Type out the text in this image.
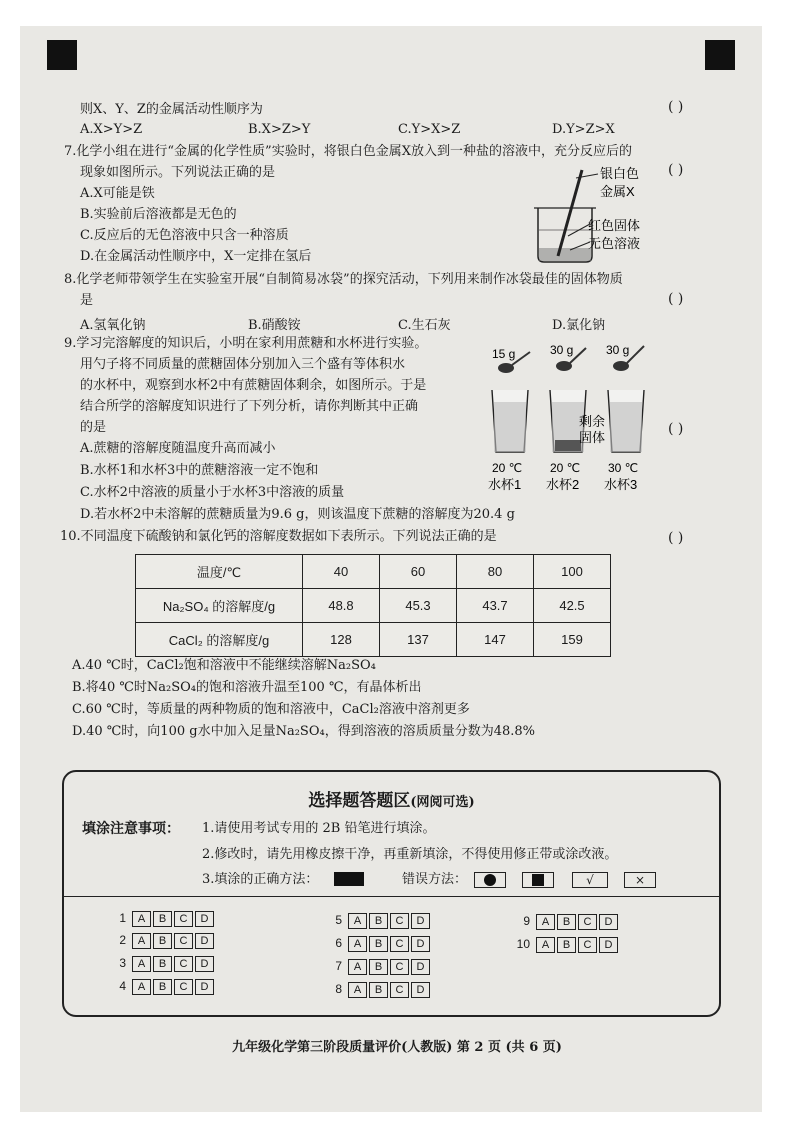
则X、Y、Z的金属活动性顺序为	( )
A.X>Y>Z	B.X>Z>Y	C.Y>X>Z	D.Y>Z>X
7.化学小组在进行“金属的化学性质”实验时，将银白色金属X放入到一种盐的溶液中，充分反应后的
现象如图所示。下列说法正确的是	( )
A.X可能是铁
B.实验前后溶液都是无色的
C.反应后的无色溶液中只含一种溶质
D.在金属活动性顺序中，X一定排在氢后
银白色
金属X
红色固体
无色溶液
8.化学老师带领学生在实验室开展“自制简易冰袋”的探究活动，下列用来制作冰袋最佳的固体物质
是	( )
A.氢氧化钠	B.硝酸铵	C.生石灰	D.氯化钠
9.学习完溶解度的知识后，小明在家利用蔗糖和水杯进行实验。
用勺子将不同质量的蔗糖固体分别加入三个盛有等体积水
的水杯中，观察到水杯2中有蔗糖固体剩余，如图所示。于是
结合所学的溶解度知识进行了下列分析，请你判断其中正确
的是	( )
A.蔗糖的溶解度随温度升高而减小
B.水杯1和水杯3中的蔗糖溶液一定不饱和
C.水杯2中溶液的质量小于水杯3中溶液的质量
D.若水杯2中未溶解的蔗糖质量为9.6 g，则该温度下蔗糖的溶解度为20.4 g
15 g	30 g	30 g
剩余
固体
20 ℃ 20 ℃ 30 ℃
水杯1 水杯2 水杯3
10.不同温度下硫酸钠和氯化钙的溶解度数据如下表所示。下列说法正确的是	( )
温度/℃	40	60	80	100
Na₂SO₄ 的溶解度/g	48.8	45.3	43.7	42.5
CaCl₂ 的溶解度/g	128	137	147	159
A.40 ℃时，CaCl₂饱和溶液中不能继续溶解Na₂SO₄
B.将40 ℃时Na₂SO₄的饱和溶液升温至100 ℃，有晶体析出
C.60 ℃时，等质量的两种物质的饱和溶液中，CaCl₂溶液中溶剂更多
D.40 ℃时，向100 g水中加入足量Na₂SO₄，得到溶液的溶质质量分数为48.8%
选择题答题区(网阅可选)
填涂注意事项： 1.请使用考试专用的 2B 铅笔进行填涂。
2.修改时，请先用橡皮擦干净，再重新填涂，不得使用修正带或涂改液。
3.填涂的正确方法：	错误方法：	√	×
1 A B C D
2 A B C D
3 A B C D
4 A B C D
5 A B C D
6 A B C D
7 A B C D
8 A B C D
9 A B C D
10 A B C D
九年级化学第三阶段质量评价(人教版) 第 2 页 (共 6 页)
